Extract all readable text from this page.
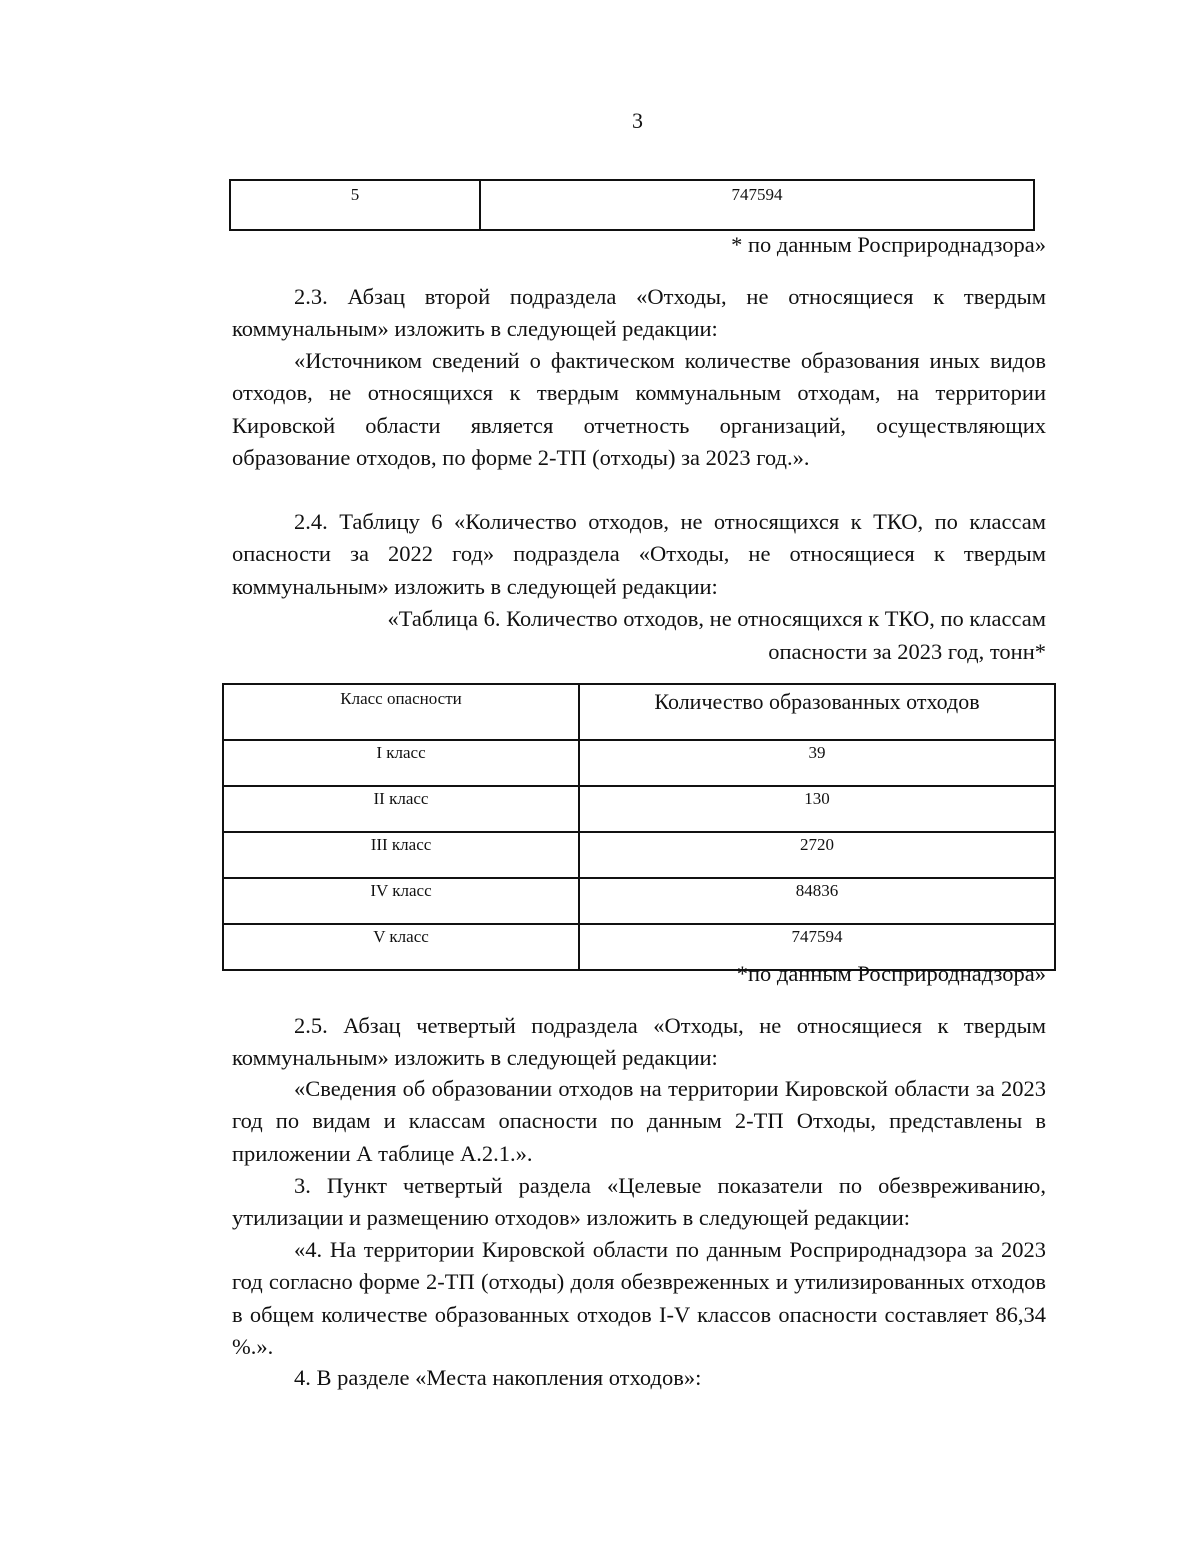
3
5	747594
* по данным Росприроднадзора»
2.3. Абзац второй подраздела «Отходы, не относящиеся к твердым коммунальным» изложить в следующей редакции:
«Источником сведений о фактическом количестве образования иных видов отходов, не относящихся к твердым коммунальным отходам, на территории Кировской области является отчетность организаций, осуществляющих образование отходов, по форме 2-ТП (отходы) за 2023 год.».
2.4. Таблицу 6 «Количество отходов, не относящихся к ТКО, по классам опасности за 2022 год» подраздела «Отходы, не относящиеся к твердым коммунальным» изложить в следующей редакции:
«Таблица 6. Количество отходов, не относящихся к ТКО, по классам
опасности за 2023 год, тонн*
Класс опасности	Количество образованных отходов
I класс	39
II класс	130
III класс	2720
IV класс	84836
V класс	747594
*по данным Росприроднадзора»
2.5. Абзац четвертый подраздела «Отходы, не относящиеся к твердым коммунальным» изложить в следующей редакции:
«Сведения об образовании отходов на территории Кировской области за 2023 год по видам и классам опасности по данным 2-ТП Отходы, представлены в приложении А таблице А.2.1.».
3. Пункт четвертый раздела «Целевые показатели по обезвреживанию, утилизации и размещению отходов» изложить в следующей редакции:
«4. На территории Кировской области по данным Росприроднадзора за 2023 год согласно форме 2-ТП (отходы) доля обезвреженных и утилизированных отходов в общем количестве образованных отходов I-V классов опасности составляет 86,34 %.».
4. В разделе «Места накопления отходов»:
